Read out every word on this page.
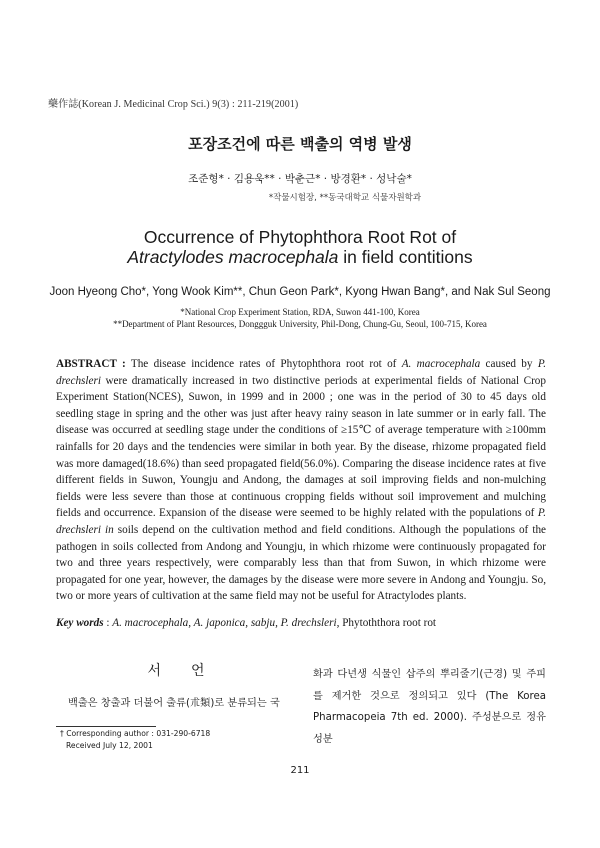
藥作誌(Korean J. Medicinal Crop Sci.) 9(3) : 211-219(2001)
포장조건에 따른 백출의 역병 발생
조준형* · 김용욱** · 박춘근* · 방경환* · 성낙술*
*작물시험장, **동국대학교 식물자원학과
Occurrence of Phytophthora Root Rot of
Atractylodes macrocephala in field contitions
Joon Hyeong Cho*, Yong Wook Kim**, Chun Geon Park*, Kyong Hwan Bang*, and Nak Sul Seong
*National Crop Experiment Station, RDA, Suwon 441-100, Korea
**Department of Plant Resources, Donggguk University, Phil-Dong, Chung-Gu, Seoul, 100-715, Korea
ABSTRACT : The disease incidence rates of Phytophthora root rot of A. macrocephala caused by P. drechsleri were dramatically increased in two distinctive periods at experimental fields of National Crop Experiment Station(NCES), Suwon, in 1999 and in 2000 ; one was in the period of 30 to 45 days old seedling stage in spring and the other was just after heavy rainy season in late summer or in early fall. The disease was occurred at seedling stage under the conditions of ≥15℃ of average temperature with ≥100mm rainfalls for 20 days and the tendencies were similar in both year. By the disease, rhizome propagated field was more damaged(18.6%) than seed propagated field(56.0%). Comparing the disease incidence rates at five different fields in Suwon, Youngju and Andong, the damages at soil improving fields and non-mulching fields were less severe than those at continuous cropping fields without soil improvement and mulching fields and occurrence. Expansion of the disease were seemed to be highly related with the populations of P. drechsleri in soils depend on the cultivation method and field conditions. Although the populations of the pathogen in soils collected from Andong and Youngju, in which rhizome were continuously propagated for two and three years respectively, were comparably less than that from Suwon, in which rhizome were propagated for one year, however, the damages by the disease were more severe in Andong and Youngju. So, two or more years of cultivation at the same field may not be useful for Atractylodes plants.
Key words : A. macrocephala, A. japonica, sabju, P. drechsleri, Phytoththora root rot
서언
백출은 창출과 더불어 출류(朮類)로 분류되는 국
화과 다년생 식물인 삽주의 뿌리줄기(근경) 및 주피를 제거한 것으로 정의되고 있다 (The Korea Pharmacopeia 7th ed. 2000). 주성분으로 정유성분
† Corresponding author : 031-290-6718
Received July 12, 2001
211
